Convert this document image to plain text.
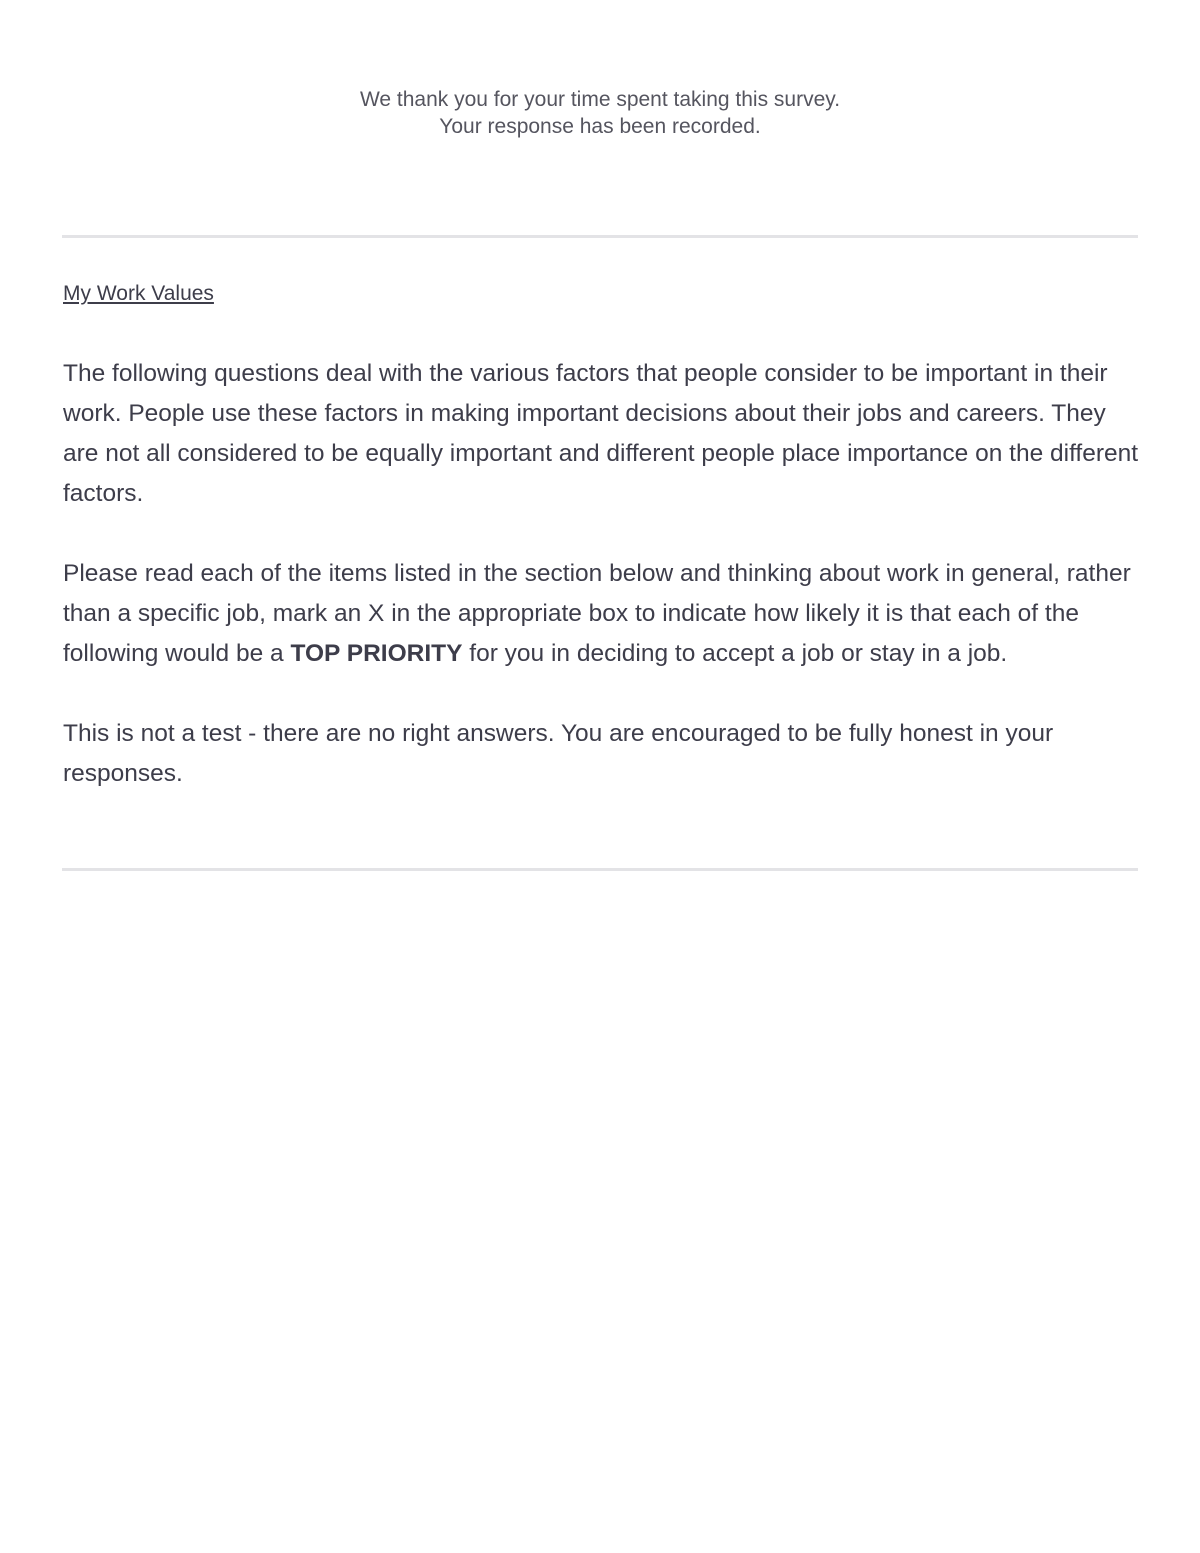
We thank you for your time spent taking this survey.
Your response has been recorded.
My Work Values

The following questions deal with the various factors that people consider to be important in their work. People use these factors in making important decisions about their jobs and careers. They are not all considered to be equally important and different people place importance on the different factors.

Please read each of the items listed in the section below and thinking about work in general, rather than a specific job, mark an X in the appropriate box to indicate how likely it is that each of the following would be a TOP PRIORITY for you in deciding to accept a job or stay in a job.

This is not a test - there are no right answers. You are encouraged to be fully honest in your responses.
